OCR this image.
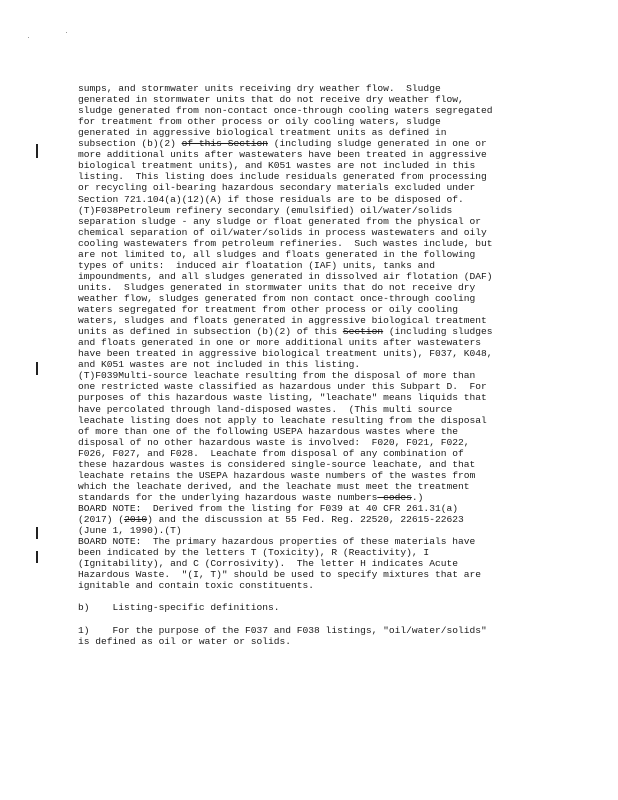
sumps, and stormwater units receiving dry weather flow.  Sludge
generated in stormwater units that do not receive dry weather flow,
sludge generated from non-contact once-through cooling waters segregated
for treatment from other process or oily cooling waters, sludge
generated in aggressive biological treatment units as defined in
subsection (b)(2) of this Section (including sludge generated in one or
more additional units after wastewaters have been treated in aggressive
biological treatment units), and K051 wastes are not included in this
listing.  This listing does include residuals generated from processing
or recycling oil-bearing hazardous secondary materials excluded under
Section 721.104(a)(12)(A) if those residuals are to be disposed of.
(T)F038Petroleum refinery secondary (emulsified) oil/water/solids
separation sludge - any sludge or float generated from the physical or
chemical separation of oil/water/solids in process wastewaters and oily
cooling wastewaters from petroleum refineries.  Such wastes include, but
are not limited to, all sludges and floats generated in the following
types of units:  induced air floatation (IAF) units, tanks and
impoundments, and all sludges generated in dissolved air flotation (DAF)
units.  Sludges generated in stormwater units that do not receive dry
weather flow, sludges generated from non contact once-through cooling
waters segregated for treatment from other process or oily cooling
waters, sludges and floats generated in aggressive biological treatment
units as defined in subsection (b)(2) of this Section (including sludges
and floats generated in one or more additional units after wastewaters
have been treated in aggressive biological treatment units), F037, K048,
and K051 wastes are not included in this listing.
(T)F039Multi-source leachate resulting from the disposal of more than
one restricted waste classified as hazardous under this Subpart D.  For
purposes of this hazardous waste listing, "leachate" means liquids that
have percolated through land-disposed wastes.  (This multi source
leachate listing does not apply to leachate resulting from the disposal
of more than one of the following USEPA hazardous wastes where the
disposal of no other hazardous waste is involved:  F020, F021, F022,
F026, F027, and F028.  Leachate from disposal of any combination of
these hazardous wastes is considered single-source leachate, and that
leachate retains the USEPA hazardous waste numbers of the wastes from
which the leachate derived, and the leachate must meet the treatment
standards for the underlying hazardous waste numbers codes.)
BOARD NOTE:  Derived from the listing for F039 at 40 CFR 261.31(a)
(2017) (2010) and the discussion at 55 Fed. Reg. 22520, 22615-22623
(June 1, 1990).(T)
BOARD NOTE:  The primary hazardous properties of these materials have
been indicated by the letters T (Toxicity), R (Reactivity), I
(Ignitability), and C (Corrosivity).  The letter H indicates Acute
Hazardous Waste.  "(I, T)" should be used to specify mixtures that are
ignitable and contain toxic constituents.
b)    Listing-specific definitions.
1)    For the purpose of the F037 and F038 listings, "oil/water/solids"
is defined as oil or water or solids.
